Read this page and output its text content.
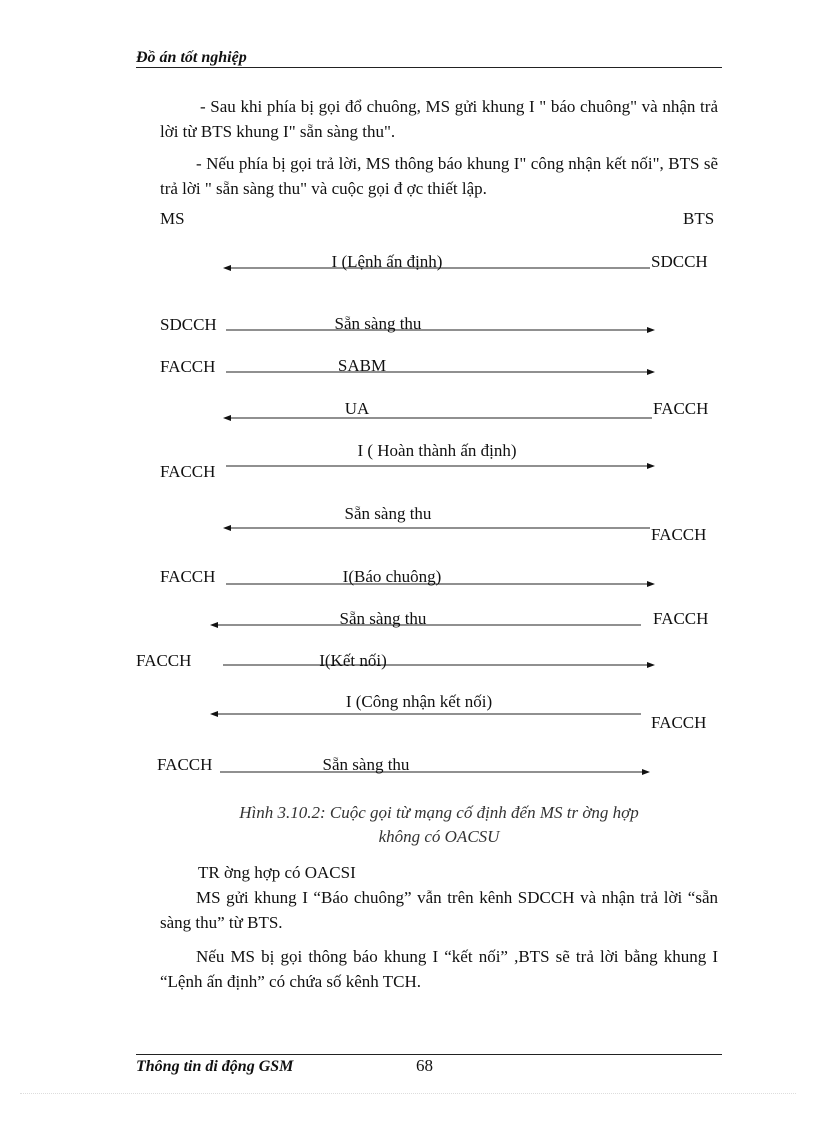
Đồ án tốt nghiệp
- Sau khi phía bị gọi đổ chuông, MS gửi khung I " báo chuông" và nhận trả lời từ BTS khung I" sẵn sàng thu".
- Nếu phía bị gọi trả lời, MS thông báo khung I" công nhận kết nối", BTS sẽ trả lời " sẵn sàng thu" và cuộc gọi đ ợc thiết lập.
MS	BTS
I (Lệnh ấn định)	SDCCH
SDCCH	Sẵn sàng thu
FACCH	SABM
UA	FACCH
I ( Hoàn thành ấn định)
FACCH
Sẵn sàng thu
FACCH
FACCH	I(Báo chuông)
Sẵn sàng thu	FACCH
FACCH	I(Kết nối)
I (Công nhận kết nối)
FACCH
FACCH	Sẵn sàng thu
Hình 3.10.2: Cuộc gọi từ mạng cố định đến MS tr ờng hợp
không có OACSU
TR ờng hợp có OACSI
MS gửi khung I “Báo chuông” vẫn trên kênh SDCCH và nhận trả lời “sẵn sàng thu” từ BTS.
Nếu MS bị gọi thông báo khung I “kết nối” ,BTS sẽ trả lời bằng khung I “Lệnh ấn định” có chứa số kênh TCH.
Thông tin di động GSM	68
